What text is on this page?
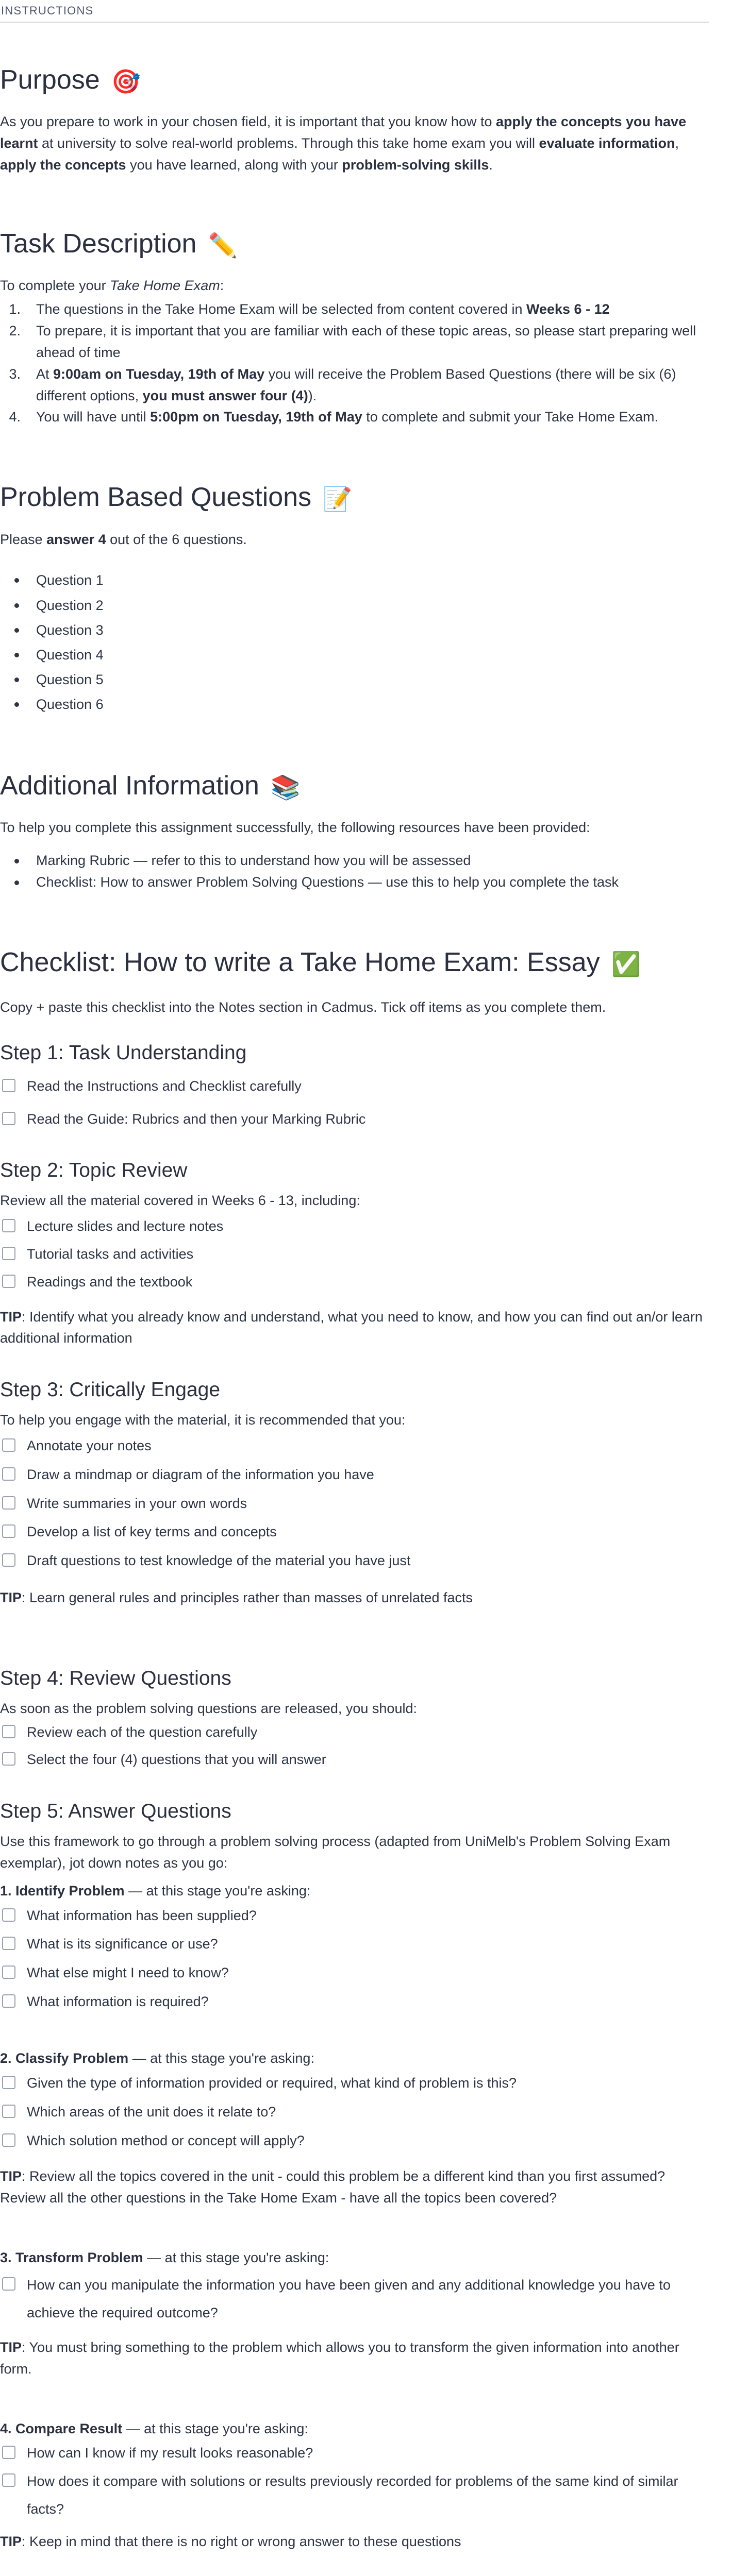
INSTRUCTIONS
Purpose 🎯

As you prepare to work in your chosen field, it is important that you know how to apply the concepts you have learnt at university to solve real-world problems. Through this take home exam you will evaluate information, apply the concepts you have learned, along with your problem-solving skills.

Task Description ✏️

To complete your Take Home Exam:

1. The questions in the Take Home Exam will be selected from content covered in Weeks 6 - 12
2. To prepare, it is important that you are familiar with each of these topic areas, so please start preparing well ahead of time
3. At 9:00am on Tuesday, 19th of May you will receive the Problem Based Questions (there will be six (6) different options, you must answer four (4)).
4. You will have until 5:00pm on Tuesday, 19th of May to complete and submit your Take Home Exam.
Problem Based Questions 📝

Please answer 4 out of the 6 questions.

Question 1
Question 2
Question 3
Question 4
Question 5
Question 6
Additional Information 📚

To help you complete this assignment successfully, the following resources have been provided:

Marking Rubric — refer to this to understand how you will be assessed
Checklist: How to answer Problem Solving Questions — use this to help you complete the task
Checklist: How to write a Take Home Exam: Essay ✅

Copy + paste this checklist into the Notes section in Cadmus. Tick off items as you complete them.

Step 1: Task Understanding
Read the Instructions and Checklist carefully
Read the Guide: Rubrics and then your Marking Rubric
Step 2: Topic Review

Review all the material covered in Weeks 6 - 13, including:

Lecture slides and lecture notes
Tutorial tasks and activities
Readings and the textbook

TIP: Identify what you already know and understand, what you need to know, and how you can find out an/or learn additional information

Step 3: Critically Engage

To help you engage with the material, it is recommended that you:

Annotate your notes
Draw a mindmap or diagram of the information you have
Write summaries in your own words
Develop a list of key terms and concepts
Draft questions to test knowledge of the material you have just

TIP: Learn general rules and principles rather than masses of unrelated facts

Step 4: Review Questions

As soon as the problem solving questions are released, you should:

Review each of the question carefully
Select the four (4) questions that you will answer
Step 5: Answer Questions

Use this framework to go through a problem solving process (adapted from UniMelb's Problem Solving Exam exemplar), jot down notes as you go:

1. Identify Problem — at this stage you're asking:

What information has been supplied?
What is its significance or use?
What else might I need to know?
What information is required?

2. Classify Problem — at this stage you're asking:

Given the type of information provided or required, what kind of problem is this?
Which areas of the unit does it relate to?
Which solution method or concept will apply?

TIP: Review all the topics covered in the unit - could this problem be a different kind than you first assumed? Review all the other questions in the Take Home Exam - have all the topics been covered?

3. Transform Problem — at this stage you're asking:

How can you manipulate the information you have been given and any additional knowledge you have to achieve the required outcome?

TIP: You must bring something to the problem which allows you to transform the given information into another form.

4. Compare Result — at this stage you're asking:

How can I know if my result looks reasonable?
How does it compare with solutions or results previously recorded for problems of the same kind of similar facts?

TIP: Keep in mind that there is no right or wrong answer to these questions
